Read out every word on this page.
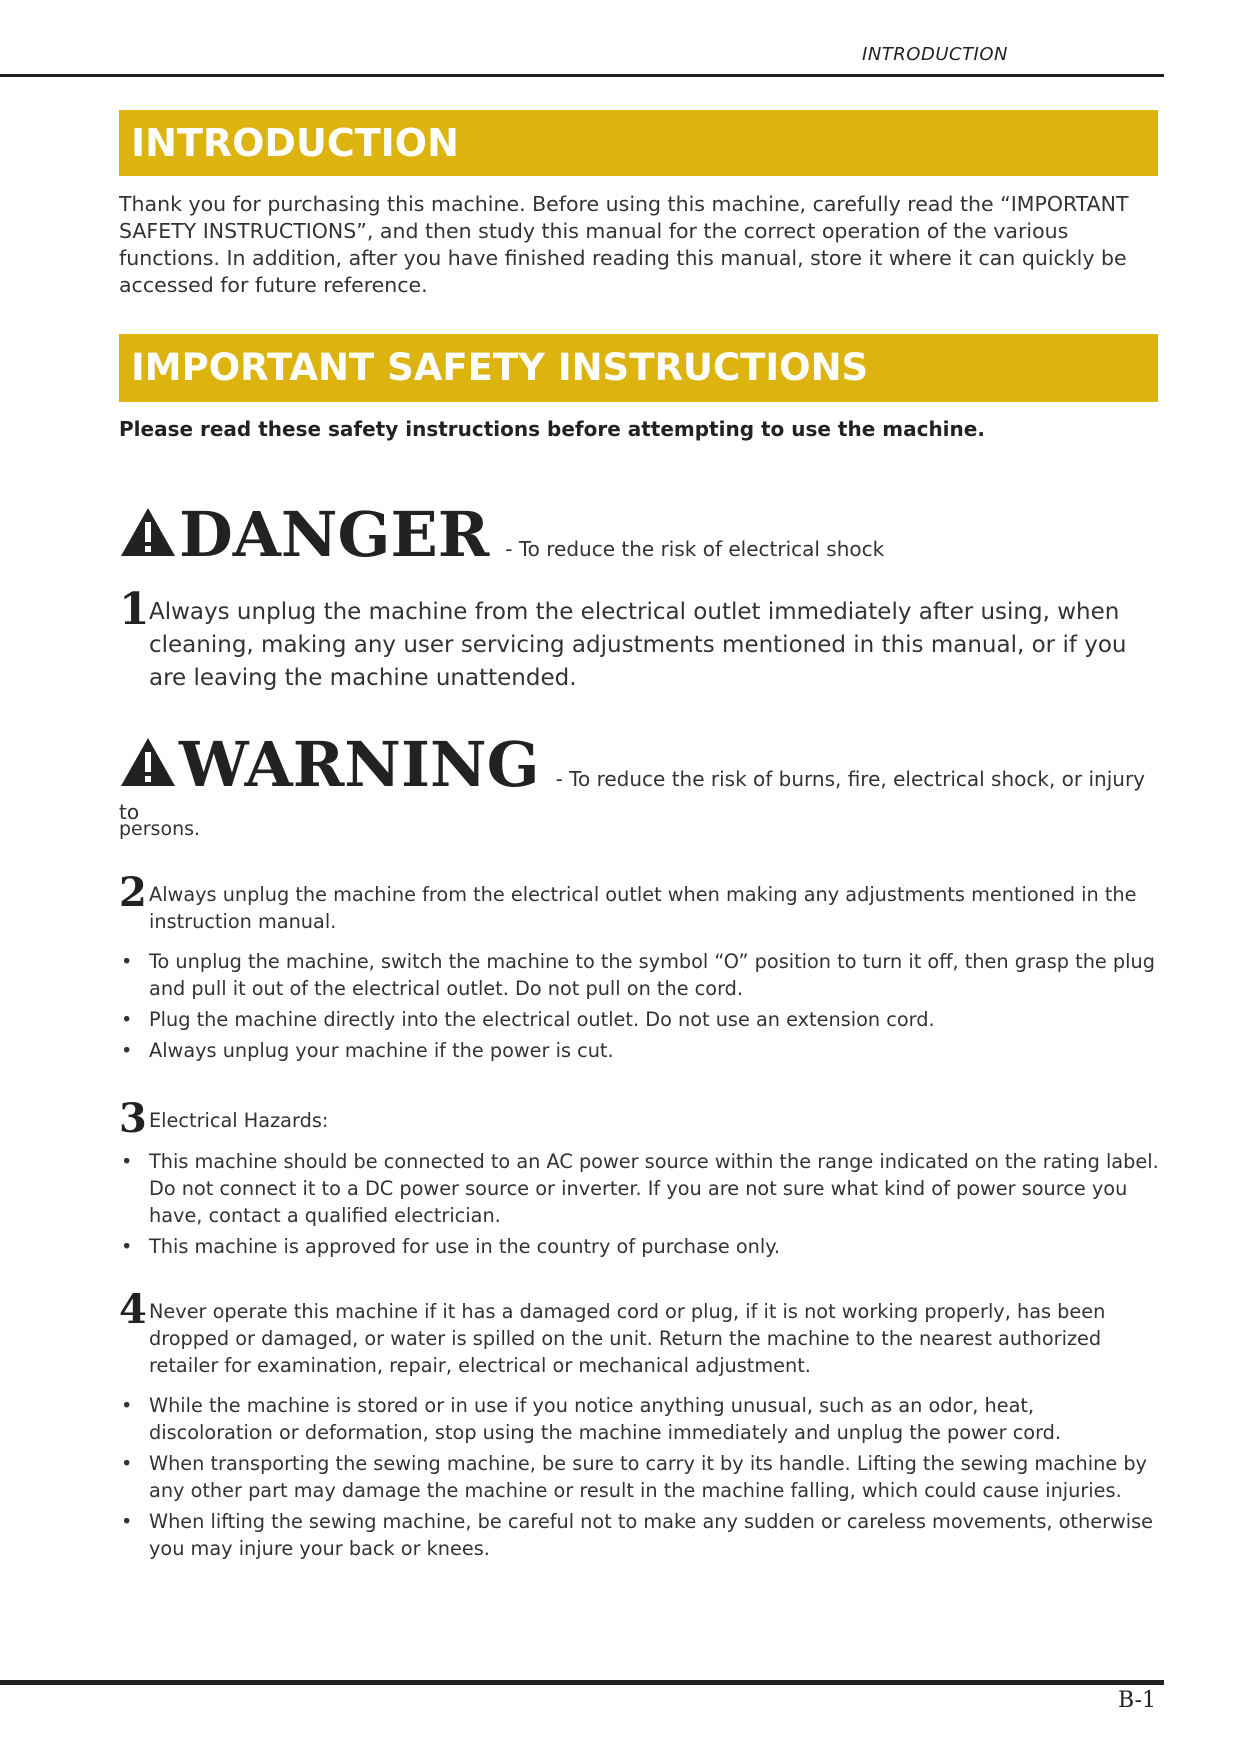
INTRODUCTION
INTRODUCTION
Thank you for purchasing this machine. Before using this machine, carefully read the “IMPORTANT SAFETY INSTRUCTIONS”, and then study this manual for the correct operation of the various functions. In addition, after you have finished reading this manual, store it where it can quickly be accessed for future reference.
IMPORTANT SAFETY INSTRUCTIONS
Please read these safety instructions before attempting to use the machine.
DANGER - To reduce the risk of electrical shock
1 Always unplug the machine from the electrical outlet immediately after using, when cleaning, making any user servicing adjustments mentioned in this manual, or if you are leaving the machine unattended.
WARNING - To reduce the risk of burns, fire, electrical shock, or injury to
persons.
2 Always unplug the machine from the electrical outlet when making any adjustments mentioned in the instruction manual.
• To unplug the machine, switch the machine to the symbol “O” position to turn it off, then grasp the plug and pull it out of the electrical outlet. Do not pull on the cord.
• Plug the machine directly into the electrical outlet. Do not use an extension cord.
• Always unplug your machine if the power is cut.
3 Electrical Hazards:
• This machine should be connected to an AC power source within the range indicated on the rating label. Do not connect it to a DC power source or inverter. If you are not sure what kind of power source you have, contact a qualified electrician.
• This machine is approved for use in the country of purchase only.
4 Never operate this machine if it has a damaged cord or plug, if it is not working properly, has been dropped or damaged, or water is spilled on the unit. Return the machine to the nearest authorized retailer for examination, repair, electrical or mechanical adjustment.
• While the machine is stored or in use if you notice anything unusual, such as an odor, heat, discoloration or deformation, stop using the machine immediately and unplug the power cord.
• When transporting the sewing machine, be sure to carry it by its handle. Lifting the sewing machine by any other part may damage the machine or result in the machine falling, which could cause injuries.
• When lifting the sewing machine, be careful not to make any sudden or careless movements, otherwise you may injure your back or knees.
B-1
